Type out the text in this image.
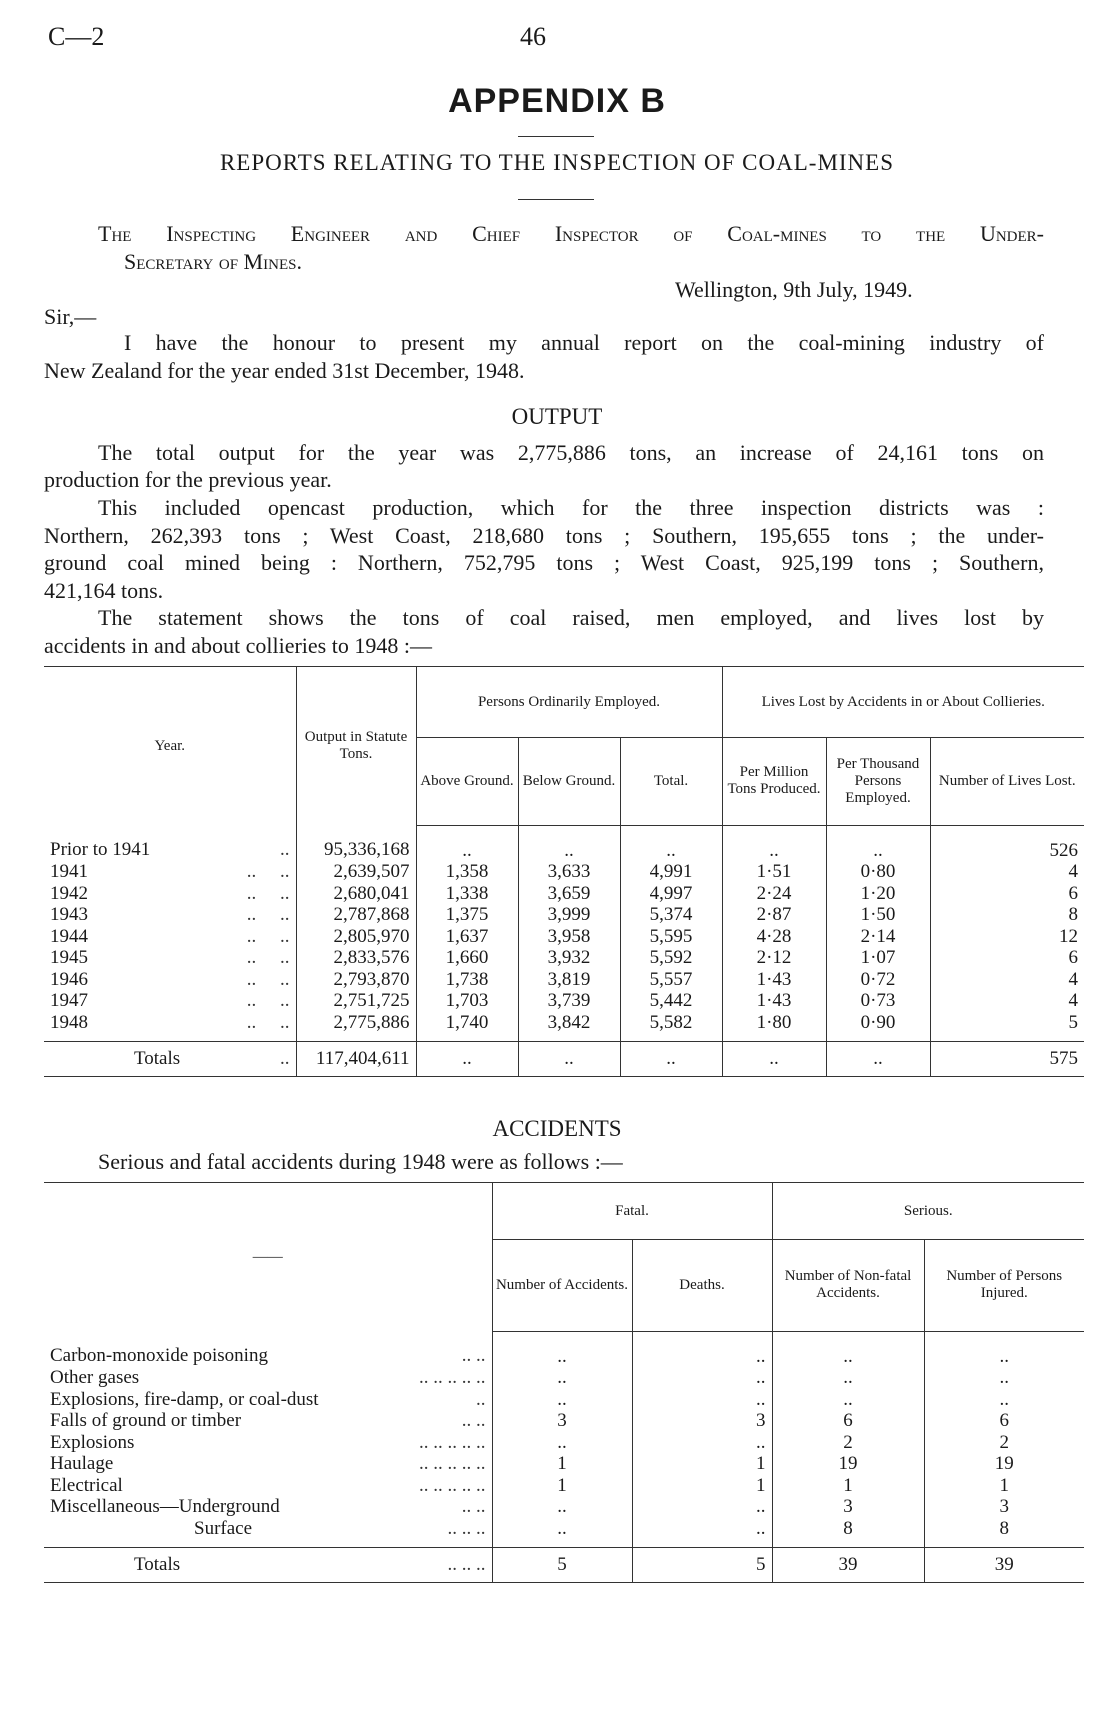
C—2	46
APPENDIX B
REPORTS RELATING TO THE INSPECTION OF COAL-MINES
The Inspecting Engineer and Chief Inspector of Coal-mines to the Under-
Secretary of Mines.
Wellington, 9th July, 1949.
Sir,—
I have the honour to present my annual report on the coal-mining industry of
New Zealand for the year ended 31st December, 1948.
OUTPUT
The total output for the year was 2,775,886 tons, an increase of 24,161 tons on
production for the previous year.
This included opencast production, which for the three inspection districts was :
Northern, 262,393 tons ; West Coast, 218,680 tons ; Southern, 195,655 tons ; the under-
ground coal mined being : Northern, 752,795 tons ; West Coast, 925,199 tons ; Southern,
421,164 tons.
The statement shows the tons of coal raised, men employed, and lives lost by
accidents in and about collieries to 1948 :—
Year.	Output in Statute Tons.	Persons Ordinarily Employed.			Lives Lost by Accidents in or About Collieries.		
		Above Ground.	Below Ground.	Total.	Per Million Tons Produced.	Per Thousand Persons Employed.	Number of Lives Lost.
Prior to 1941 ..	95,336,168	..	..	..	..	..	526
1941 ..     ..	2,639,507	1,358	3,633	4,991	1·51	0·80	4
1942 ..     ..	2,680,041	1,338	3,659	4,997	2·24	1·20	6
1943 ..     ..	2,787,868	1,375	3,999	5,374	2·87	1·50	8
1944 ..     ..	2,805,970	1,637	3,958	5,595	4·28	2·14	12
1945 ..     ..	2,833,576	1,660	3,932	5,592	2·12	1·07	6
1946 ..     ..	2,793,870	1,738	3,819	5,557	1·43	0·72	4
1947 ..     ..	2,751,725	1,703	3,739	5,442	1·43	0·73	4
1948 ..     ..	2,775,886	1,740	3,842	5,582	1·80	0·90	5
Totals ..	117,404,611	..	..	..	..	..	575
ACCIDENTS
Serious and fatal accidents during 1948 were as follows :—
——	Fatal.		Serious.	
	Number of Accidents.	Deaths.	Number of Non-fatal Accidents.	Number of Persons Injured.
Carbon-monoxide poisoning .. ..	..	..	..	..
Other gases .. .. .. .. ..	..	..	..	..
Explosions, fire-damp, or coal-dust ..	..	..	..	..
Falls of ground or timber .. ..	3	3	6	6
Explosions .. .. .. .. ..	..	..	2	2
Haulage .. .. .. .. ..	1	1	19	19
Electrical .. .. .. .. ..	1	1	1	1
Miscellaneous—Underground .. ..	..	..	3	3
Surface .. .. ..	..	..	8	8
Totals .. .. ..	5	5	39	39
